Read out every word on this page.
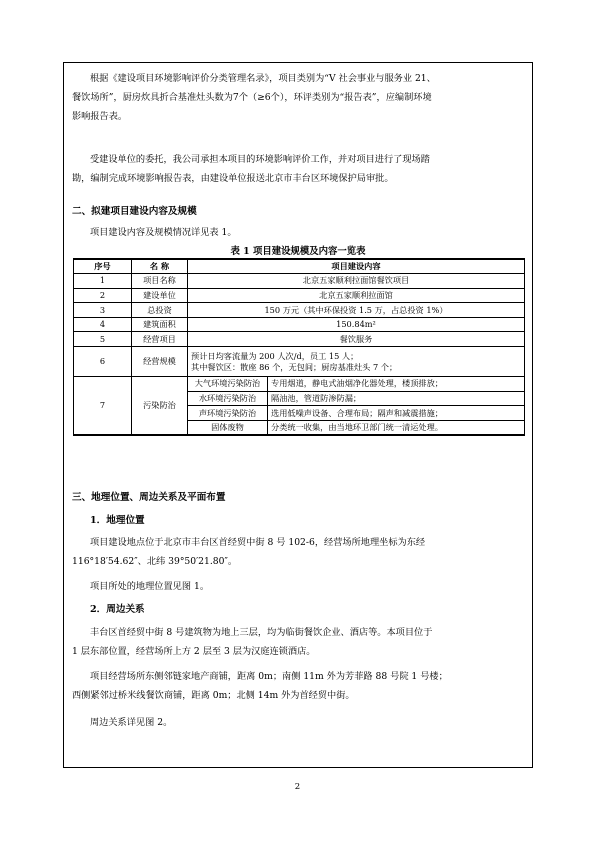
根据《建设项目环境影响评价分类管理名录》，项目类别为“V 社会事业与服务业 21、

餐饮场所”，厨房炊具折合基准灶头数为7个（≥6个），环评类别为“报告表”，应编制环境

影响报告表。

受建设单位的委托，我公司承担本项目的环境影响评价工作，并对项目进行了现场踏

勘，编制完成环境影响报告表，由建设单位报送北京市丰台区环境保护局审批。

二、拟建项目建设内容及规模

项目建设内容及规模情况详见表 1。

表 1 项目建设规模及内容一览表

序号	名 称	项目建设内容	
1	项目名称	北京五家顺利拉面馆餐饮项目	
2	建设单位	北京五家顺利拉面馆	
3	总投资	150 万元（其中环保投资 1.5 万，占总投资 1%）	
4	建筑面积	150.84m²	
5	经营项目	餐饮服务	
6	经营规模	预计日均客流量为 200 人次/d，员工 15 人；
其中餐饮区：散座 86 个，无包间；厨房基准灶头 7 个；	

7	污染防治	大气环境污染防治	专用烟道，静电式油烟净化器处理，楼顶排放；
		水环境污染防治	隔油池，管道防渗防漏；
		声环境污染防治	选用低噪声设备、合理布局；隔声和减震措施；
		固体废物	分类统一收集，由当地环卫部门统一清运处理。

三、地理位置、周边关系及平面布置

1．地理位置

项目建设地点位于北京市丰台区首经贸中街 8 号 102-6，经营场所地理坐标为东经

116°18′54.62″、北纬 39°50′21.80″。

项目所处的地理位置见图 1。

2．周边关系

丰台区首经贸中街 8 号建筑物为地上三层，均为临街餐饮企业、酒店等。本项目位于

1 层东部位置，经营场所上方 2 层至 3 层为汉庭连锁酒店。

项目经营场所东侧邻链家地产商铺，距离 0m；南侧 11m 外为芳菲路 88 号院 1 号楼；

西侧紧邻过桥米线餐饮商铺，距离 0m；北侧 14m 外为首经贸中街。

周边关系详见图 2。

2
